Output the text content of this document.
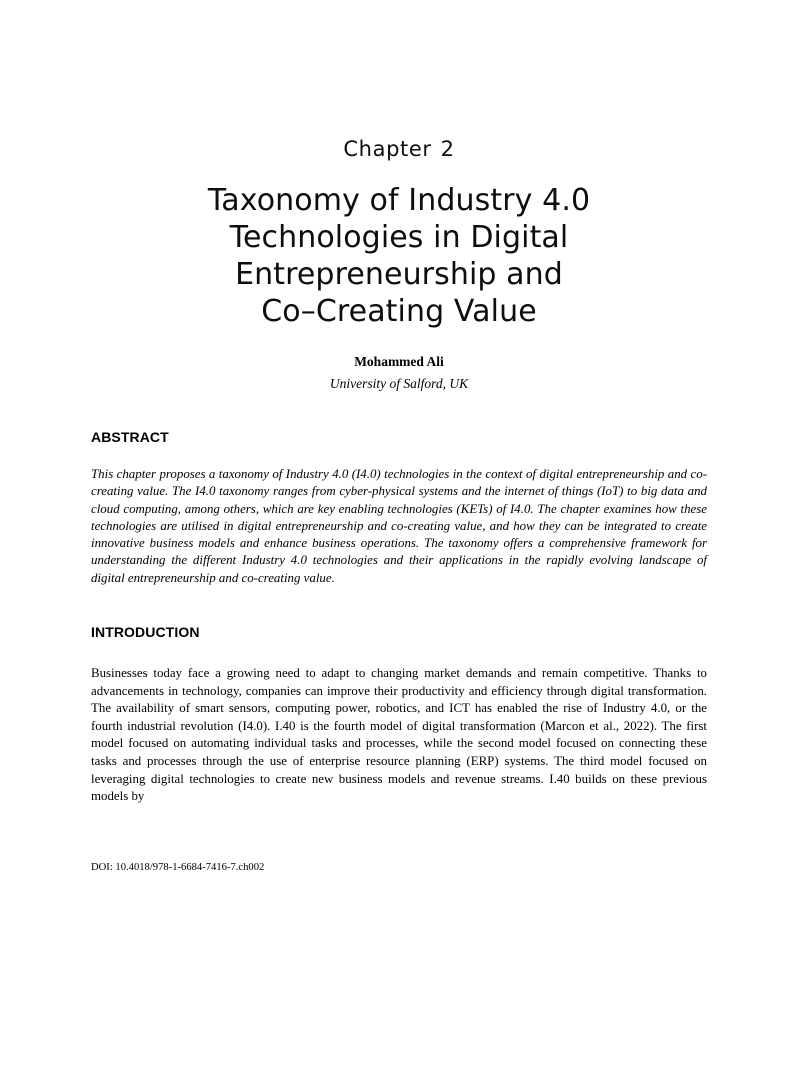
Chapter 2

Taxonomy of Industry 4.0
Technologies in Digital
Entrepreneurship and
Co–Creating Value
Mohammed Ali
University of Salford, UK
ABSTRACT

This chapter proposes a taxonomy of Industry 4.0 (I4.0) technologies in the context of digital entrepreneurship and co-creating value. The I4.0 taxonomy ranges from cyber-physical systems and the internet of things (IoT) to big data and cloud computing, among others, which are key enabling technologies (KETs) of I4.0. The chapter examines how these technologies are utilised in digital entrepreneurship and co-creating value, and how they can be integrated to create innovative business models and enhance business operations. The taxonomy offers a comprehensive framework for understanding the different Industry 4.0 technologies and their applications in the rapidly evolving landscape of digital entrepreneurship and co-creating value.

INTRODUCTION

Businesses today face a growing need to adapt to changing market demands and remain competitive. Thanks to advancements in technology, companies can improve their productivity and efficiency through digital transformation. The availability of smart sensors, computing power, robotics, and ICT has enabled the rise of Industry 4.0, or the fourth industrial revolution (I4.0). I.40 is the fourth model of digital transformation (Marcon et al., 2022). The first model focused on automating individual tasks and processes, while the second model focused on connecting these tasks and processes through the use of enterprise resource planning (ERP) systems. The third model focused on leveraging digital technologies to create new business models and revenue streams. I.40 builds on these previous models by

DOI: 10.4018/978-1-6684-7416-7.ch002
